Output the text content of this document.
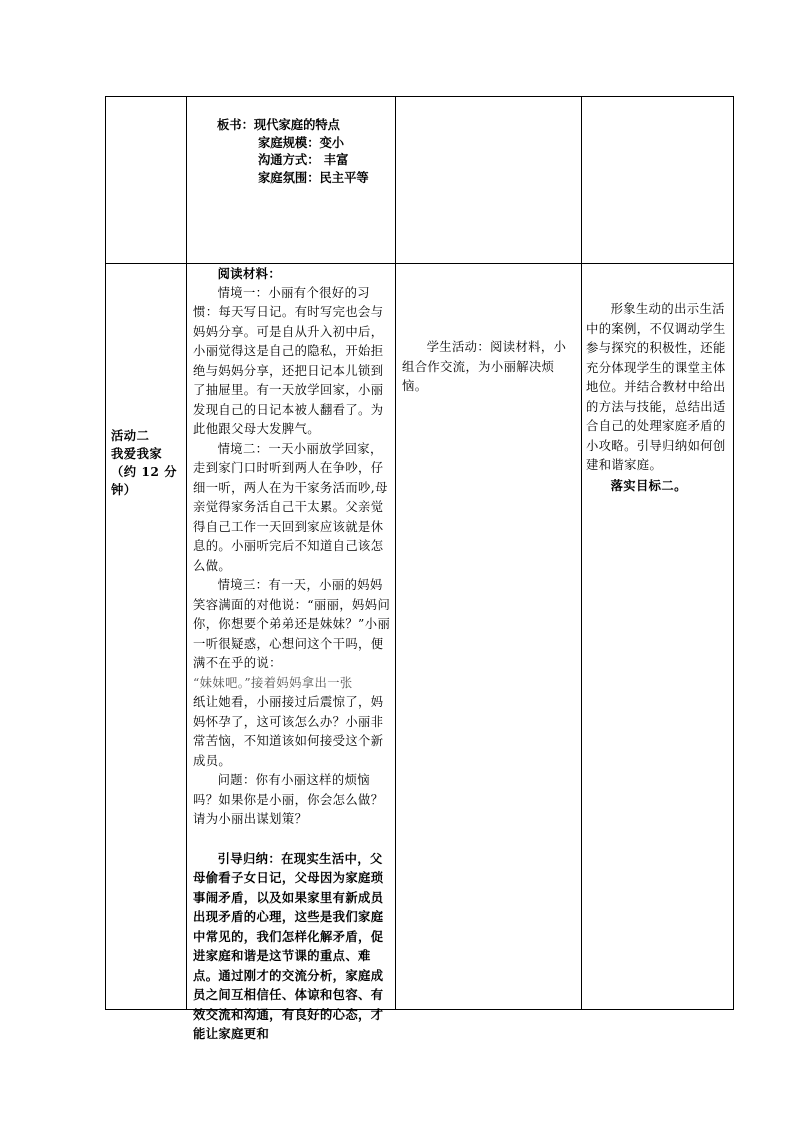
板书：现代家庭的特点

家庭规模：变小

沟通方式： 丰富

家庭氛围：民主平等

活动二
我爱我家（约 12 分钟）

阅读材料：

情境一：小丽有个很好的习惯：每天写日记。有时写完也会与妈妈分享。可是自从升入初中后，小丽觉得这是自己的隐私，开始拒绝与妈妈分享，还把日记本儿锁到了抽屉里。有一天放学回家，小丽发现自己的日记本被人翻看了。为此他跟父母大发脾气。

情境二：一天小丽放学回家，走到家门口时听到两人在争吵，仔细一听，两人在为干家务活而吵,母亲觉得家务活自己干太累。父亲觉得自己工作一天回到家应该就是休息的。小丽听完后不知道自己该怎么做。

情境三：有一天，小丽的妈妈笑容满面的对他说：“丽丽，妈妈问你，你想要个弟弟还是妹妹？”小丽一听很疑惑，心想问这个干吗，便满不在乎的说：

“妹妹吧。”接着妈妈拿出一张

纸让她看，小丽接过后震惊了，妈妈怀孕了，这可该怎么办？小丽非常苦恼，不知道该如何接受这个新成员。

问题：你有小丽这样的烦恼吗？如果你是小丽，你会怎么做？请为小丽出谋划策？

引导归纳：在现实生活中，父母偷看子女日记，父母因为家庭琐事闹矛盾，以及如果家里有新成员出现矛盾的心理，这些是我们家庭中常见的，我们怎样化解矛盾，促进家庭和谐是这节课的重点、难点。通过刚才的交流分析，家庭成员之间互相信任、体谅和包容、有效交流和沟通，有良好的心态，才能让家庭更和

学生活动：阅读材料，小组合作交流，为小丽解决烦恼。

形象生动的出示生活中的案例，不仅调动学生参与探究的积极性，还能充分体现学生的课堂主体地位。并结合教材中给出的方法与技能，总结出适合自己的处理家庭矛盾的小攻略。引导归纳如何创建和谐家庭。

落实目标二。
